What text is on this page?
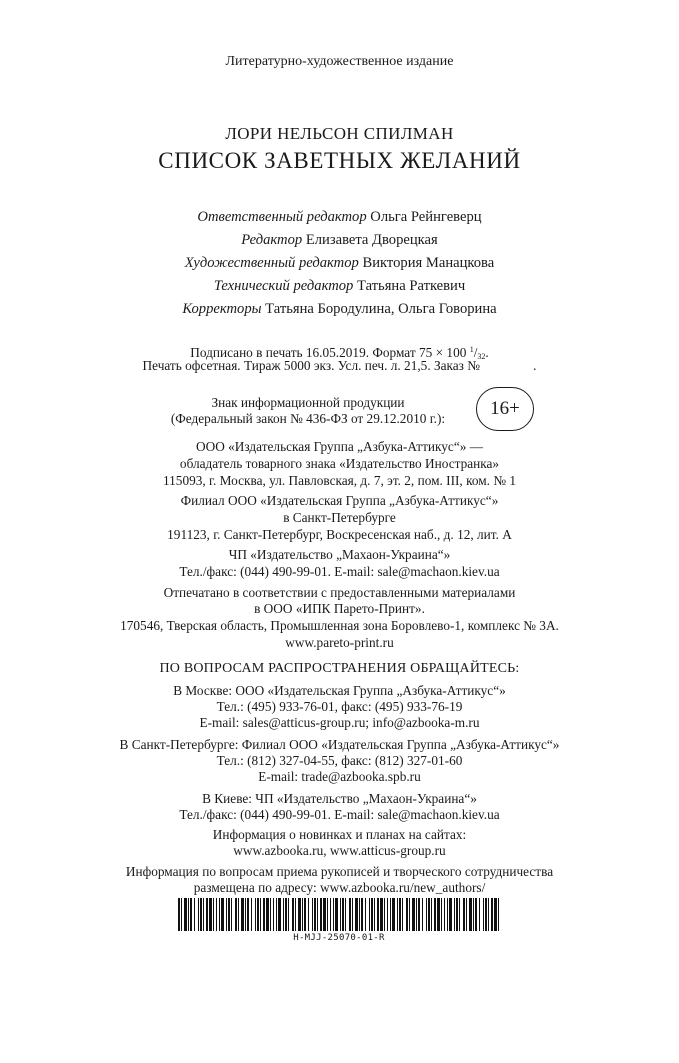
Литературно-художественное издание
ЛОРИ НЕЛЬСОН СПИЛМАН
СПИСОК ЗАВЕТНЫХ ЖЕЛАНИЙ
Ответственный редактор Ольга Рейнгеверц
Редактор Елизавета Дворецкая
Художественный редактор Виктория Манацкова
Технический редактор Татьяна Раткевич
Корректоры Татьяна Бородулина, Ольга Говорина
Подписано в печать 16.05.2019. Формат 75 × 100 $^1/_{32}$.
Печать офсетная. Тираж 5000 экз. Усл. печ. л. 21,5. Заказ №                .
Знак информационной продукции
(Федеральный закон № 436-ФЗ от 29.12.2010 г.):	16+
ООО «Издательская Группа „Азбука-Аттикус“» —
обладатель товарного знака «Издательство Иностранка»
115093, г. Москва, ул. Павловская, д. 7, эт. 2, пом. III, ком. № 1
Филиал ООО «Издательская Группа „Азбука-Аттикус“»
в Санкт-Петербурге
191123, г. Санкт-Петербург, Воскресенская наб., д. 12, лит. А
ЧП «Издательство „Махаон-Украина“»
Тел./факс: (044) 490-99-01. E-mail: sale@machaon.kiev.ua
Отпечатано в соответствии с предоставленными материалами
в ООО «ИПК Парето-Принт».
170546, Тверская область, Промышленная зона Боровлево-1, комплекс № 3А.
www.pareto-print.ru
ПО ВОПРОСАМ РАСПРОСТРАНЕНИЯ ОБРАЩАЙТЕСЬ:
В Москве: ООО «Издательская Группа „Азбука-Аттикус“»
Тел.: (495) 933-76-01, факс: (495) 933-76-19
E-mail: sales@atticus-group.ru; info@azbooka-m.ru
В Санкт-Петербурге: Филиал ООО «Издательская Группа „Азбука-Аттикус“»
Тел.: (812) 327-04-55, факс: (812) 327-01-60
E-mail: trade@azbooka.spb.ru
В Киеве: ЧП «Издательство „Махаон-Украина“»
Тел./факс: (044) 490-99-01. E-mail: sale@machaon.kiev.ua
Информация о новинках и планах на сайтах:
www.azbooka.ru, www.atticus-group.ru
Информация по вопросам приема рукописей и творческого сотрудничества
размещена по адресу: www.azbooka.ru/new_authors/
H-MJJ-25070-01-R
